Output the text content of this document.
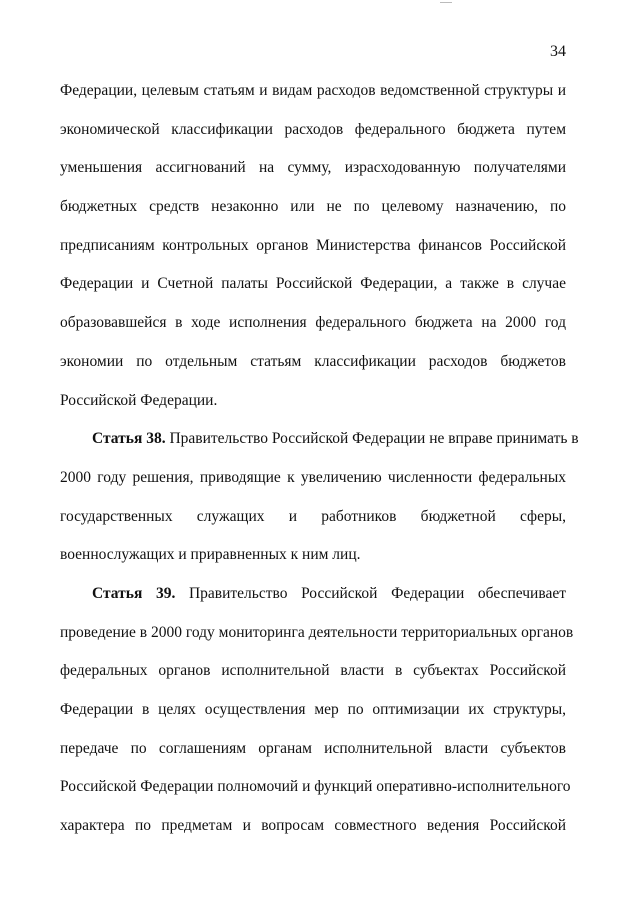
34
Федерации, целевым статьям и видам расходов ведомственной структуры и
экономической классификации расходов федерального бюджета путем
уменьшения ассигнований на сумму, израсходованную получателями
бюджетных средств незаконно или не по целевому назначению, по
предписаниям контрольных органов Министерства финансов Российской
Федерации и Счетной палаты Российской Федерации, а также в случае
образовавшейся в ходе исполнения федерального бюджета на 2000 год
экономии по отдельным статьям классификации расходов бюджетов
Российской Федерации.
Статья 38. Правительство Российской Федерации не вправе принимать в
2000 году решения, приводящие к увеличению численности федеральных
государственных служащих и работников бюджетной сферы,
военнослужащих и приравненных к ним лиц.
Статья 39. Правительство Российской Федерации обеспечивает
проведение в 2000 году мониторинга деятельности территориальных органов
федеральных органов исполнительной власти в субъектах Российской
Федерации в целях осуществления мер по оптимизации их структуры,
передаче по соглашениям органам исполнительной власти субъектов
Российской Федерации полномочий и функций оперативно-исполнительного
характера по предметам и вопросам совместного ведения Российской
